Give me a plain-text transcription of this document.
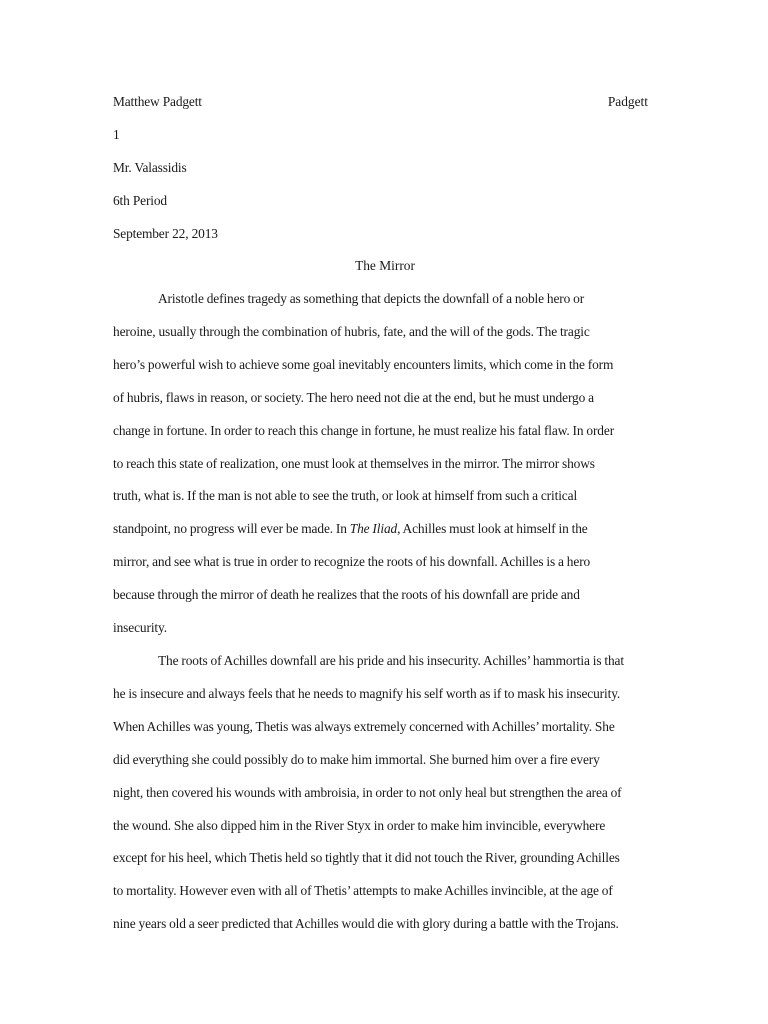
Matthew Padgett	Padgett
1
Mr. Valassidis
6th Period
September 22, 2013
The Mirror
Aristotle defines tragedy as something that depicts the downfall of a noble hero or
heroine, usually through the combination of hubris, fate, and the will of the gods. The tragic
hero’s powerful wish to achieve some goal inevitably encounters limits, which come in the form
of hubris, flaws in reason, or society. The hero need not die at the end, but he must undergo a
change in fortune. In order to reach this change in fortune, he must realize his fatal flaw. In order
to reach this state of realization, one must look at themselves in the mirror. The mirror shows
truth, what is. If the man is not able to see the truth, or look at himself from such a critical
standpoint, no progress will ever be made. In The Iliad, Achilles must look at himself in the
mirror, and see what is true in order to recognize the roots of his downfall. Achilles is a hero
because through the mirror of death he realizes that the roots of his downfall are pride and
insecurity.
The roots of Achilles downfall are his pride and his insecurity. Achilles’ hammortia is that
he is insecure and always feels that he needs to magnify his self worth as if to mask his insecurity.
When Achilles was young, Thetis was always extremely concerned with Achilles’ mortality. She
did everything she could possibly do to make him immortal. She burned him over a fire every
night, then covered his wounds with ambroisia, in order to not only heal but strengthen the area of
the wound. She also dipped him in the River Styx in order to make him invincible, everywhere
except for his heel, which Thetis held so tightly that it did not touch the River, grounding Achilles
to mortality. However even with all of Thetis’ attempts to make Achilles invincible, at the age of
nine years old a seer predicted that Achilles would die with glory during a battle with the Trojans.
